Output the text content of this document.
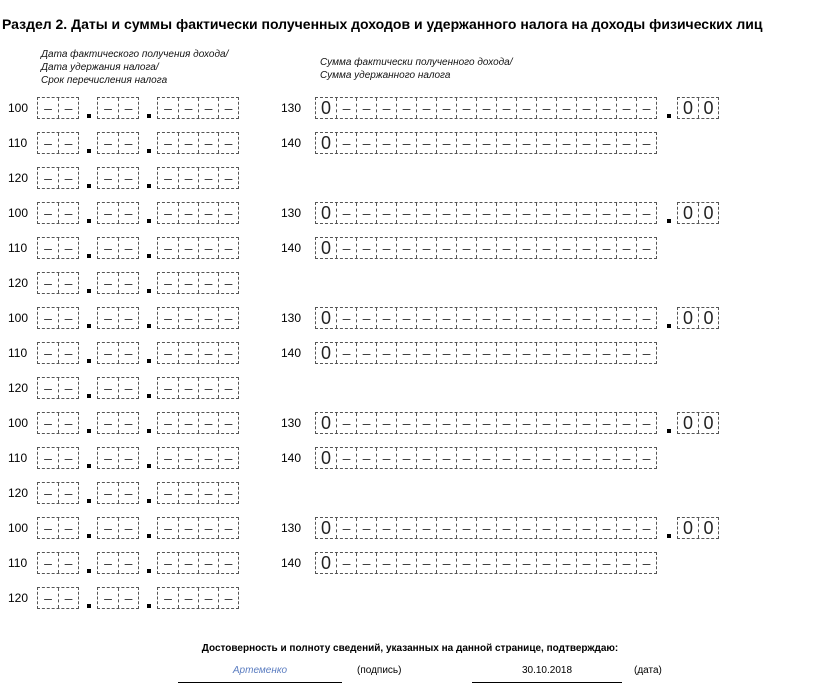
Раздел 2. Даты и суммы фактически полученных доходов и удержанного налога на доходы физических лиц
Дата фактического получения дохода/
Дата удержания налога/
Срок перечисления налога
Сумма фактически полученного дохода/
Сумма удержанного налога
100	– –	– –	– – – –	130 0 – – – – – – – – – – – – – – – –	0 0
110	– –	– –	– – – –	140 0 – – – – – – – – – – – – – – – –
120	– –	– –	– – – –
100	– –	– –	– – – –	130 0 – – – – – – – – – – – – – – – –	0 0
110	– –	– –	– – – –	140 0 – – – – – – – – – – – – – – – –
120	– –	– –	– – – –
100	– –	– –	– – – –	130 0 – – – – – – – – – – – – – – – –	0 0
110	– –	– –	– – – –	140 0 – – – – – – – – – – – – – – – –
120	– –	– –	– – – –
100	– –	– –	– – – –	130 0 – – – – – – – – – – – – – – – –	0 0
110	– –	– –	– – – –	140 0 – – – – – – – – – – – – – – – –
120	– –	– –	– – – –
100	– –	– –	– – – –	130 0 – – – – – – – – – – – – – – – –	0 0
110	– –	– –	– – – –	140 0 – – – – – – – – – – – – – – – –
120	– –	– –	– – – –
Достоверность и полноту сведений, указанных на данной странице, подтверждаю:
Артеменко	(подпись)	30.10.2018	(дата)
